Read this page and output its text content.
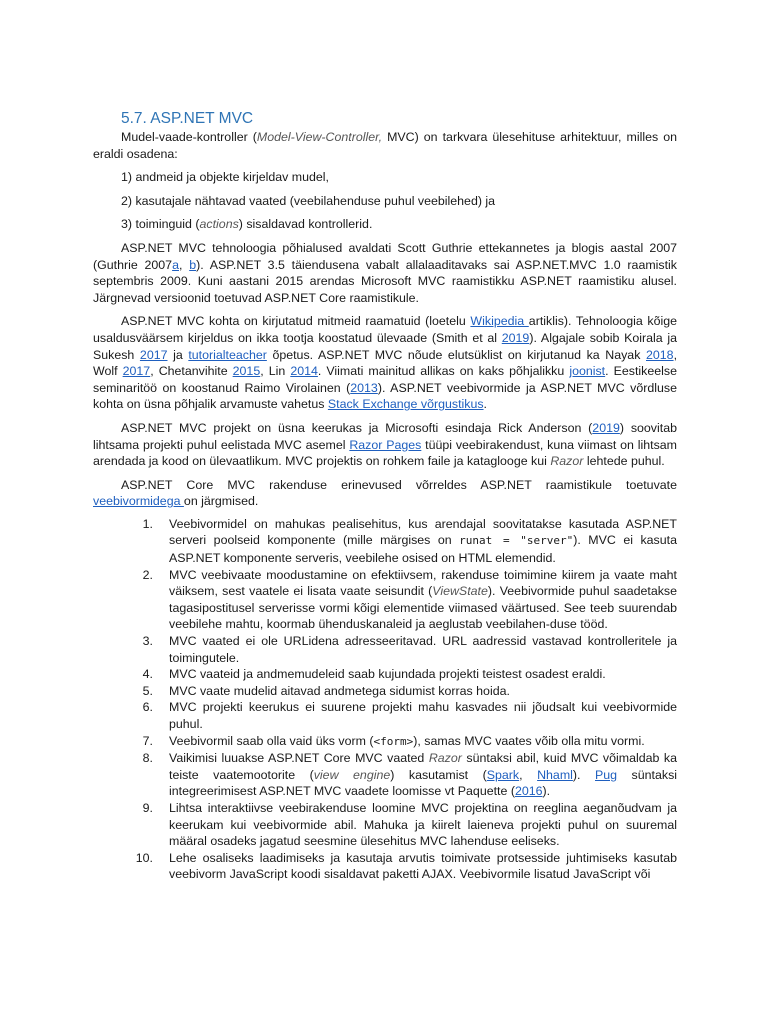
5.7. ASP.NET MVC

Mudel-vaade-kontroller (Model-View-Controller, MVC) on tarkvara ülesehituse arhitektuur, milles on eraldi osadena:

1) andmeid ja objekte kirjeldav mudel,

2) kasutajale nähtavad vaated (veebilahenduse puhul veebilehed) ja

3) toiminguid (actions) sisaldavad kontrollerid.

ASP.NET MVC tehnoloogia põhialused avaldati Scott Guthrie ettekannetes ja blogis aastal 2007 (Guthrie 2007a, b). ASP.NET 3.5 täiendusena vabalt allalaaditavaks sai ASP.NET.MVC 1.0 raamistik septembris 2009. Kuni aastani 2015 arendas Microsoft MVC raamistikku ASP.NET raamistiku alusel. Järgnevad versioonid toetuvad ASP.NET Core raamistikule.

ASP.NET MVC kohta on kirjutatud mitmeid raamatuid (loetelu Wikipedia artiklis). Tehnoloogia kõige usaldusväärsem kirjeldus on ikka tootja koostatud ülevaade (Smith et al 2019). Algajale sobib Koirala ja Sukesh 2017 ja tutorialteacher õpetus. ASP.NET MVC nõude elutsüklist on kirjutanud ka Nayak 2018, Wolf 2017, Chetanvihite 2015, Lin 2014. Viimati mainitud allikas on kaks põhjalikku joonist. Eestikeelse seminaritöö on koostanud Raimo Virolainen (2013). ASP.NET veebivormide ja ASP.NET MVC võrdluse kohta on üsna põhjalik arvamuste vahetus Stack Exchange võrgustikus.

ASP.NET MVC projekt on üsna keerukas ja Microsofti esindaja Rick Anderson (2019) soovitab lihtsama projekti puhul eelistada MVC asemel Razor Pages tüüpi veebirakendust, kuna viimast on lihtsam arendada ja kood on ülevaatlikum. MVC projektis on rohkem faile ja kataglooge kui Razor lehtede puhul.

ASP.NET Core MVC rakenduse erinevused võrreldes ASP.NET raamistikule toetuvate veebivormidega on järgmised.

1. Veebivormidel on mahukas pealisehitus, kus arendajal soovitatakse kasutada ASP.NET serveri poolseid komponente (mille märgises on runat = "server"). MVC ei kasuta ASP.NET komponente serveris, veebilehe osised on HTML elemendid.
2. MVC veebivaate moodustamine on efektiivsem, rakenduse toimimine kiirem ja vaate maht väiksem, sest vaatele ei lisata vaate seisundit (ViewState). Veebivormide puhul saadetakse tagasipostitusel serverisse vormi kõigi elementide viimased väärtused. See teeb suurendab veebilehe mahtu, koormab ühenduskanaleid ja aeglustab veebilahen-duse tööd.
3. MVC vaated ei ole URLidena adresseeritavad. URL aadressid vastavad kontrolleritele ja toimingutele.
4. MVC vaateid ja andmemudeleid saab kujundada projekti teistest osadest eraldi.
5. MVC vaate mudelid aitavad andmetega sidumist korras hoida.
6. MVC projekti keerukus ei suurene projekti mahu kasvades nii jõudsalt kui veebivormide puhul.
7. Veebivormil saab olla vaid üks vorm (<form>), samas MVC vaates võib olla mitu vormi.
8. Vaikimisi luuakse ASP.NET Core MVC vaated Razor süntaksi abil, kuid MVC võimaldab ka teiste vaatemootorite (view engine) kasutamist (Spark, Nhaml). Pug süntaksi integreerimisest ASP.NET MVC vaadete loomisse vt Paquette (2016).
9. Lihtsa interaktiivse veebirakenduse loomine MVC projektina on reeglina aeganõudvam ja keerukam kui veebivormide abil. Mahuka ja kiirelt laieneva projekti puhul on suuremal määral osadeks jagatud seesmine ülesehitus MVC lahenduse eeliseks.
10. Lehe osaliseks laadimiseks ja kasutaja arvutis toimivate protsesside juhtimiseks kasutab veebivorm JavaScript koodi sisaldavat paketti AJAX. Veebivormile lisatud JavaScript või
